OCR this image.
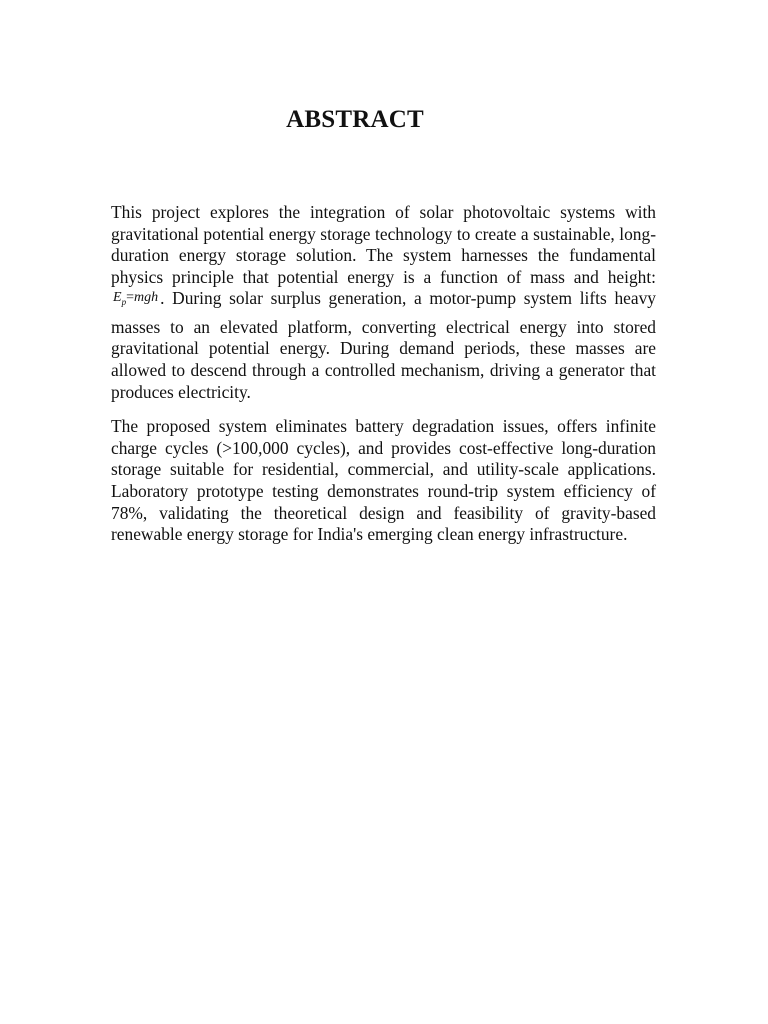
ABSTRACT

This project explores the integration of solar photovoltaic systems with gravitational potential energy storage technology to create a sustainable, long-duration energy storage solution. The system harnesses the fundamental physics principle that potential energy is a function of mass and height: $E_p=mgh$ . During solar surplus generation, a motor-pump system lifts heavy masses to an elevated platform, converting electrical energy into stored gravitational potential energy. During demand periods, these masses are allowed to descend through a controlled mechanism, driving a generator that produces electricity.

The proposed system eliminates battery degradation issues, offers infinite charge cycles (>100,000 cycles), and provides cost-effective long-duration storage suitable for residential, commercial, and utility-scale applications. Laboratory prototype testing demonstrates round-trip system efficiency of 78%, validating the theoretical design and feasibility of gravity-based renewable energy storage for India's emerging clean energy infrastructure.
